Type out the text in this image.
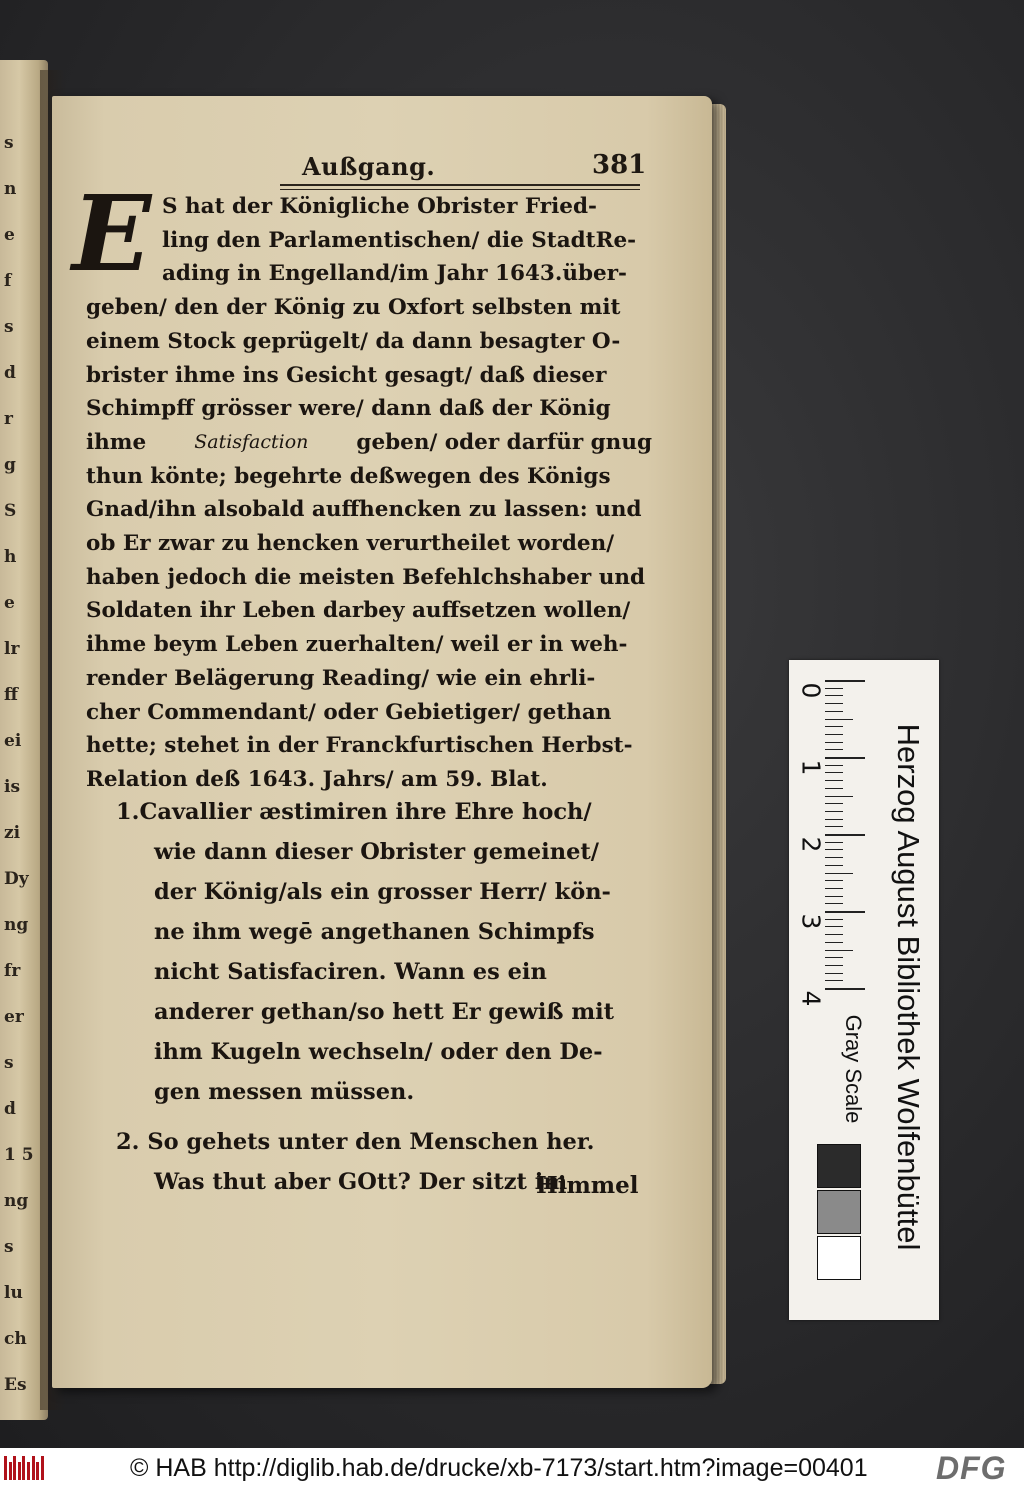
s
n
e
f
s
d
r
g
S
h
e
lr
ff
ei
is
zi
Dy
ng
fr
er
s
d
1 5
ng
s
lu
ch
Es
Außgang.	381
E S hat der Königliche Obrister Fried-
ling den Parlamentischen/ die StadtRe-
ading in Engelland/im Jahr 1643.über-
geben/ den der König zu Oxfort selbsten mit
einem Stock geprügelt/ da dann besagter O-
brister ihme ins Gesicht gesagt/ daß dieser
Schimpff grösser were/ dann daß der König
ihme	Satisfaction geben/ oder darfür gnug
thun könte; begehrte deßwegen des Königs
Gnad/ihn alsobald auffhencken zu lassen: und
ob Er zwar zu hencken verurtheilet worden/
haben jedoch die meisten Befehlchshaber und
Soldaten ihr Leben darbey auffsetzen wollen/
ihme beym Leben zuerhalten/ weil er in weh-
render Belägerung Reading/ wie ein ehrli-
cher Commendant/ oder Gebietiger/ gethan
hette; stehet in der Franckfurtischen Herbst-
Relation deß 1643. Jahrs/ am 59. Blat.
1.Cavallier æstimiren ihre Ehre hoch/
wie dann dieser Obrister gemeinet/
der König/als ein grosser Herr/ kön-
ne ihm wegē angethanen Schimpfs
nicht Satisfaciren. Wann es ein
anderer gethan/so hett Er gewiß mit
ihm Kugeln wechseln/ oder den De-
gen messen müssen.
2. So gehets unter den Menschen her.
Was thut aber GOtt? Der sitzt im
Himmel
0
1
2
3
4 Herzog August Bibliothek Wolfenbüttel
Gray Scale
© HAB http://diglib.hab.de/drucke/xb-7173/start.htm?image=00401 DFG
